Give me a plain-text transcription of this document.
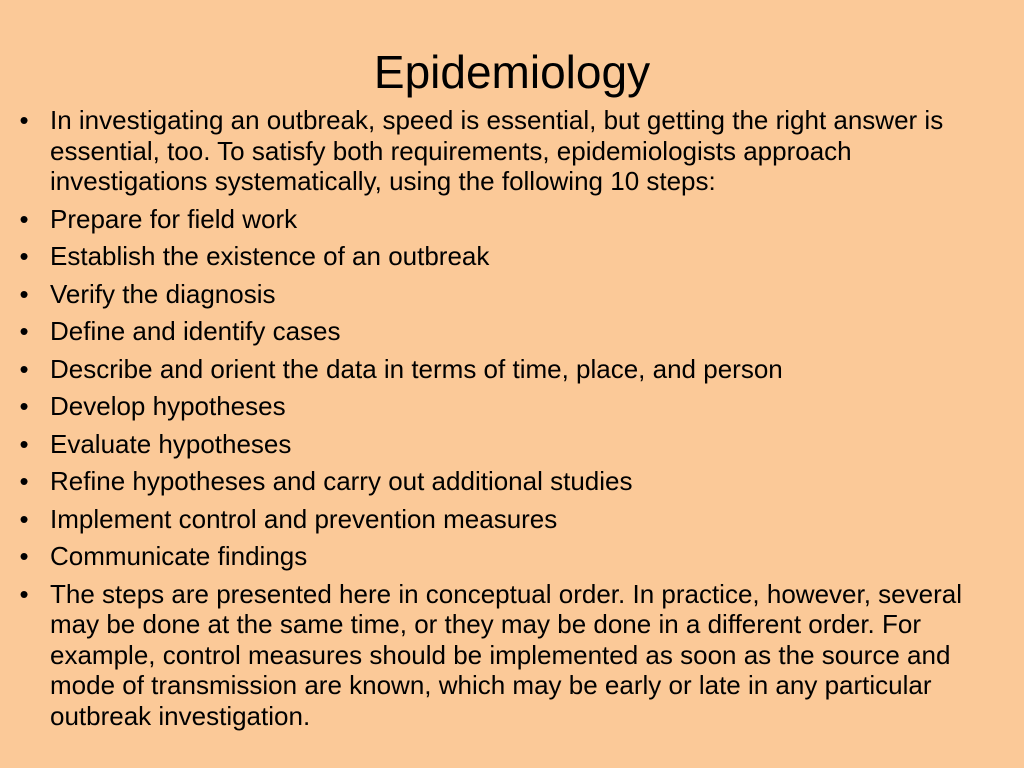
Epidemiology
• In investigating an outbreak, speed is essential, but getting the right answer is essential, too. To satisfy both requirements, epidemiologists approach investigations systematically, using the following 10 steps:
• Prepare for field work
• Establish the existence of an outbreak
• Verify the diagnosis
• Define and identify cases
• Describe and orient the data in terms of time, place, and person
• Develop hypotheses
• Evaluate hypotheses
• Refine hypotheses and carry out additional studies
• Implement control and prevention measures
• Communicate findings
• The steps are presented here in conceptual order. In practice, however, several may be done at the same time, or they may be done in a different order. For example, control measures should be implemented as soon as the source and mode of transmission are known, which may be early or late in any particular outbreak investigation.
